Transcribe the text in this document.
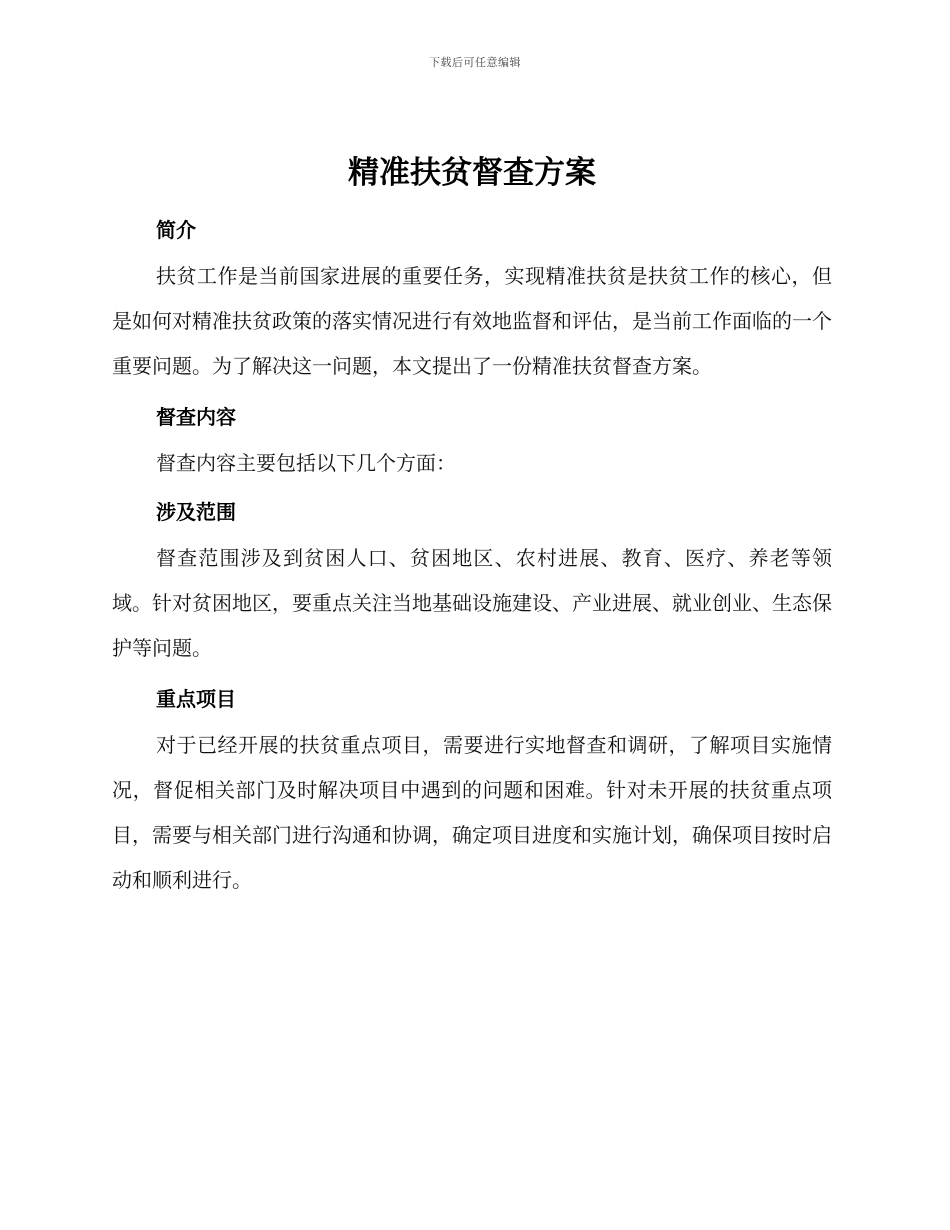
下载后可任意编辑
精准扶贫督查方案
简介

扶贫工作是当前国家进展的重要任务，实现精准扶贫是扶贫工作的核心，但是如何对精准扶贫政策的落实情况进行有效地监督和评估，是当前工作面临的一个重要问题。为了解决这一问题，本文提出了一份精准扶贫督查方案。

督查内容

督查内容主要包括以下几个方面：

涉及范围

督查范围涉及到贫困人口、贫困地区、农村进展、教育、医疗、养老等领域。针对贫困地区，要重点关注当地基础设施建设、产业进展、就业创业、生态保护等问题。

重点项目

对于已经开展的扶贫重点项目，需要进行实地督查和调研，了解项目实施情况，督促相关部门及时解决项目中遇到的问题和困难。针对未开展的扶贫重点项目，需要与相关部门进行沟通和协调，确定项目进度和实施计划，确保项目按时启动和顺利进行。
